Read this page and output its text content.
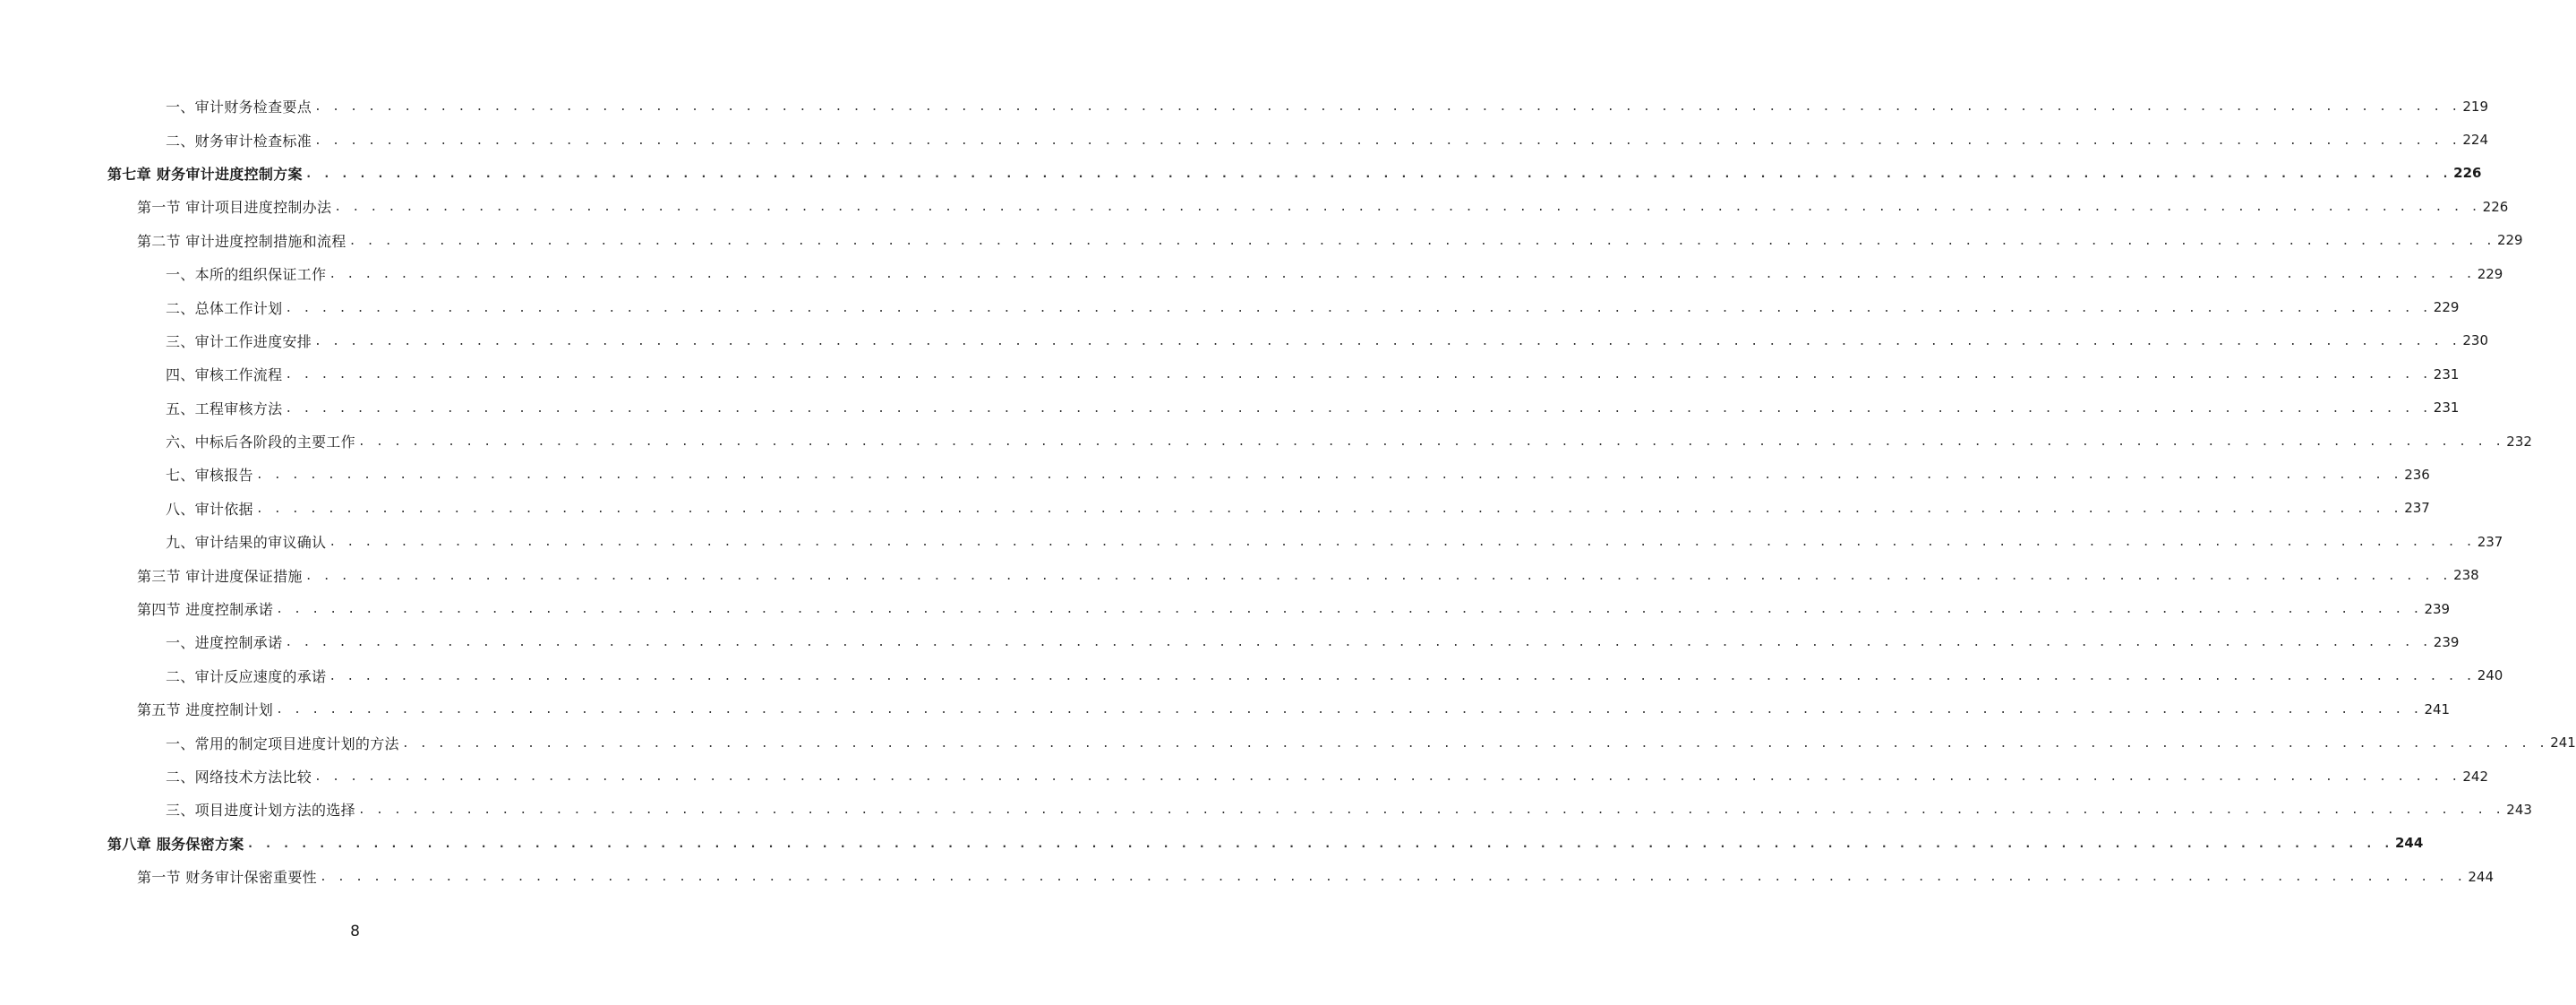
一、审计财务检查要点 . . . . . . . . . . . . . . . . . . . . . . . . . . . . . . . . . . . . . . . . . . . . . . . . . . . . . . . . . . . . . . . . . . . . . . . . . . . . . . . . . . . . . . . . . . . . . . . . . . . . . . . . . . . . . . . . . . . . . . . . 219
二、财务审计检查标准 . . . . . . . . . . . . . . . . . . . . . . . . . . . . . . . . . . . . . . . . . . . . . . . . . . . . . . . . . . . . . . . . . . . . . . . . . . . . . . . . . . . . . . . . . . . . . . . . . . . . . . . . . . . . . . . . . . . . . . . . 224
第七章 财务审计进度控制方案 . . . . . . . . . . . . . . . . . . . . . . . . . . . . . . . . . . . . . . . . . . . . . . . . . . . . . . . . . . . . . . . . . . . . . . . . . . . . . . . . . . . . . . . . . . . . . . . . . . . . . . . . . . . . . . . . . . . . . . . . 226
第一节 审计项目进度控制办法 . . . . . . . . . . . . . . . . . . . . . . . . . . . . . . . . . . . . . . . . . . . . . . . . . . . . . . . . . . . . . . . . . . . . . . . . . . . . . . . . . . . . . . . . . . . . . . . . . . . . . . . . . . . . . . . . . . . . . . . . 226
第二节 审计进度控制措施和流程 . . . . . . . . . . . . . . . . . . . . . . . . . . . . . . . . . . . . . . . . . . . . . . . . . . . . . . . . . . . . . . . . . . . . . . . . . . . . . . . . . . . . . . . . . . . . . . . . . . . . . . . . . . . . . . . . . . . . . . . . 229
一、本所的组织保证工作 . . . . . . . . . . . . . . . . . . . . . . . . . . . . . . . . . . . . . . . . . . . . . . . . . . . . . . . . . . . . . . . . . . . . . . . . . . . . . . . . . . . . . . . . . . . . . . . . . . . . . . . . . . . . . . . . . . . . . . . . 229
二、总体工作计划 . . . . . . . . . . . . . . . . . . . . . . . . . . . . . . . . . . . . . . . . . . . . . . . . . . . . . . . . . . . . . . . . . . . . . . . . . . . . . . . . . . . . . . . . . . . . . . . . . . . . . . . . . . . . . . . . . . . . . . . . 229
三、审计工作进度安排 . . . . . . . . . . . . . . . . . . . . . . . . . . . . . . . . . . . . . . . . . . . . . . . . . . . . . . . . . . . . . . . . . . . . . . . . . . . . . . . . . . . . . . . . . . . . . . . . . . . . . . . . . . . . . . . . . . . . . . . . 230
四、审核工作流程 . . . . . . . . . . . . . . . . . . . . . . . . . . . . . . . . . . . . . . . . . . . . . . . . . . . . . . . . . . . . . . . . . . . . . . . . . . . . . . . . . . . . . . . . . . . . . . . . . . . . . . . . . . . . . . . . . . . . . . . . 231
五、工程审核方法 . . . . . . . . . . . . . . . . . . . . . . . . . . . . . . . . . . . . . . . . . . . . . . . . . . . . . . . . . . . . . . . . . . . . . . . . . . . . . . . . . . . . . . . . . . . . . . . . . . . . . . . . . . . . . . . . . . . . . . . . 231
六、中标后各阶段的主要工作 . . . . . . . . . . . . . . . . . . . . . . . . . . . . . . . . . . . . . . . . . . . . . . . . . . . . . . . . . . . . . . . . . . . . . . . . . . . . . . . . . . . . . . . . . . . . . . . . . . . . . . . . . . . . . . . . . . . . . . . . 232
七、审核报告 . . . . . . . . . . . . . . . . . . . . . . . . . . . . . . . . . . . . . . . . . . . . . . . . . . . . . . . . . . . . . . . . . . . . . . . . . . . . . . . . . . . . . . . . . . . . . . . . . . . . . . . . . . . . . . . . . . . . . . . . 236
八、审计依据 . . . . . . . . . . . . . . . . . . . . . . . . . . . . . . . . . . . . . . . . . . . . . . . . . . . . . . . . . . . . . . . . . . . . . . . . . . . . . . . . . . . . . . . . . . . . . . . . . . . . . . . . . . . . . . . . . . . . . . . . 237
九、审计结果的审议确认 . . . . . . . . . . . . . . . . . . . . . . . . . . . . . . . . . . . . . . . . . . . . . . . . . . . . . . . . . . . . . . . . . . . . . . . . . . . . . . . . . . . . . . . . . . . . . . . . . . . . . . . . . . . . . . . . . . . . . . . . 237
第三节 审计进度保证措施 . . . . . . . . . . . . . . . . . . . . . . . . . . . . . . . . . . . . . . . . . . . . . . . . . . . . . . . . . . . . . . . . . . . . . . . . . . . . . . . . . . . . . . . . . . . . . . . . . . . . . . . . . . . . . . . . . . . . . . . . 238
第四节 进度控制承诺 . . . . . . . . . . . . . . . . . . . . . . . . . . . . . . . . . . . . . . . . . . . . . . . . . . . . . . . . . . . . . . . . . . . . . . . . . . . . . . . . . . . . . . . . . . . . . . . . . . . . . . . . . . . . . . . . . . . . . . . . 239
一、进度控制承诺 . . . . . . . . . . . . . . . . . . . . . . . . . . . . . . . . . . . . . . . . . . . . . . . . . . . . . . . . . . . . . . . . . . . . . . . . . . . . . . . . . . . . . . . . . . . . . . . . . . . . . . . . . . . . . . . . . . . . . . . . 239
二、审计反应速度的承诺 . . . . . . . . . . . . . . . . . . . . . . . . . . . . . . . . . . . . . . . . . . . . . . . . . . . . . . . . . . . . . . . . . . . . . . . . . . . . . . . . . . . . . . . . . . . . . . . . . . . . . . . . . . . . . . . . . . . . . . . . 240
第五节 进度控制计划 . . . . . . . . . . . . . . . . . . . . . . . . . . . . . . . . . . . . . . . . . . . . . . . . . . . . . . . . . . . . . . . . . . . . . . . . . . . . . . . . . . . . . . . . . . . . . . . . . . . . . . . . . . . . . . . . . . . . . . . . 241
一、常用的制定项目进度计划的方法 . . . . . . . . . . . . . . . . . . . . . . . . . . . . . . . . . . . . . . . . . . . . . . . . . . . . . . . . . . . . . . . . . . . . . . . . . . . . . . . . . . . . . . . . . . . . . . . . . . . . . . . . . . . . . . . . . . . . . . . . 241
二、网络技术方法比较 . . . . . . . . . . . . . . . . . . . . . . . . . . . . . . . . . . . . . . . . . . . . . . . . . . . . . . . . . . . . . . . . . . . . . . . . . . . . . . . . . . . . . . . . . . . . . . . . . . . . . . . . . . . . . . . . . . . . . . . . 242
三、项目进度计划方法的选择 . . . . . . . . . . . . . . . . . . . . . . . . . . . . . . . . . . . . . . . . . . . . . . . . . . . . . . . . . . . . . . . . . . . . . . . . . . . . . . . . . . . . . . . . . . . . . . . . . . . . . . . . . . . . . . . . . . . . . . . . 243
第八章 服务保密方案 . . . . . . . . . . . . . . . . . . . . . . . . . . . . . . . . . . . . . . . . . . . . . . . . . . . . . . . . . . . . . . . . . . . . . . . . . . . . . . . . . . . . . . . . . . . . . . . . . . . . . . . . . . . . . . . . . . . . . . . . 244
第一节 财务审计保密重要性 . . . . . . . . . . . . . . . . . . . . . . . . . . . . . . . . . . . . . . . . . . . . . . . . . . . . . . . . . . . . . . . . . . . . . . . . . . . . . . . . . . . . . . . . . . . . . . . . . . . . . . . . . . . . . . . . . . . . . . . . 244
8
